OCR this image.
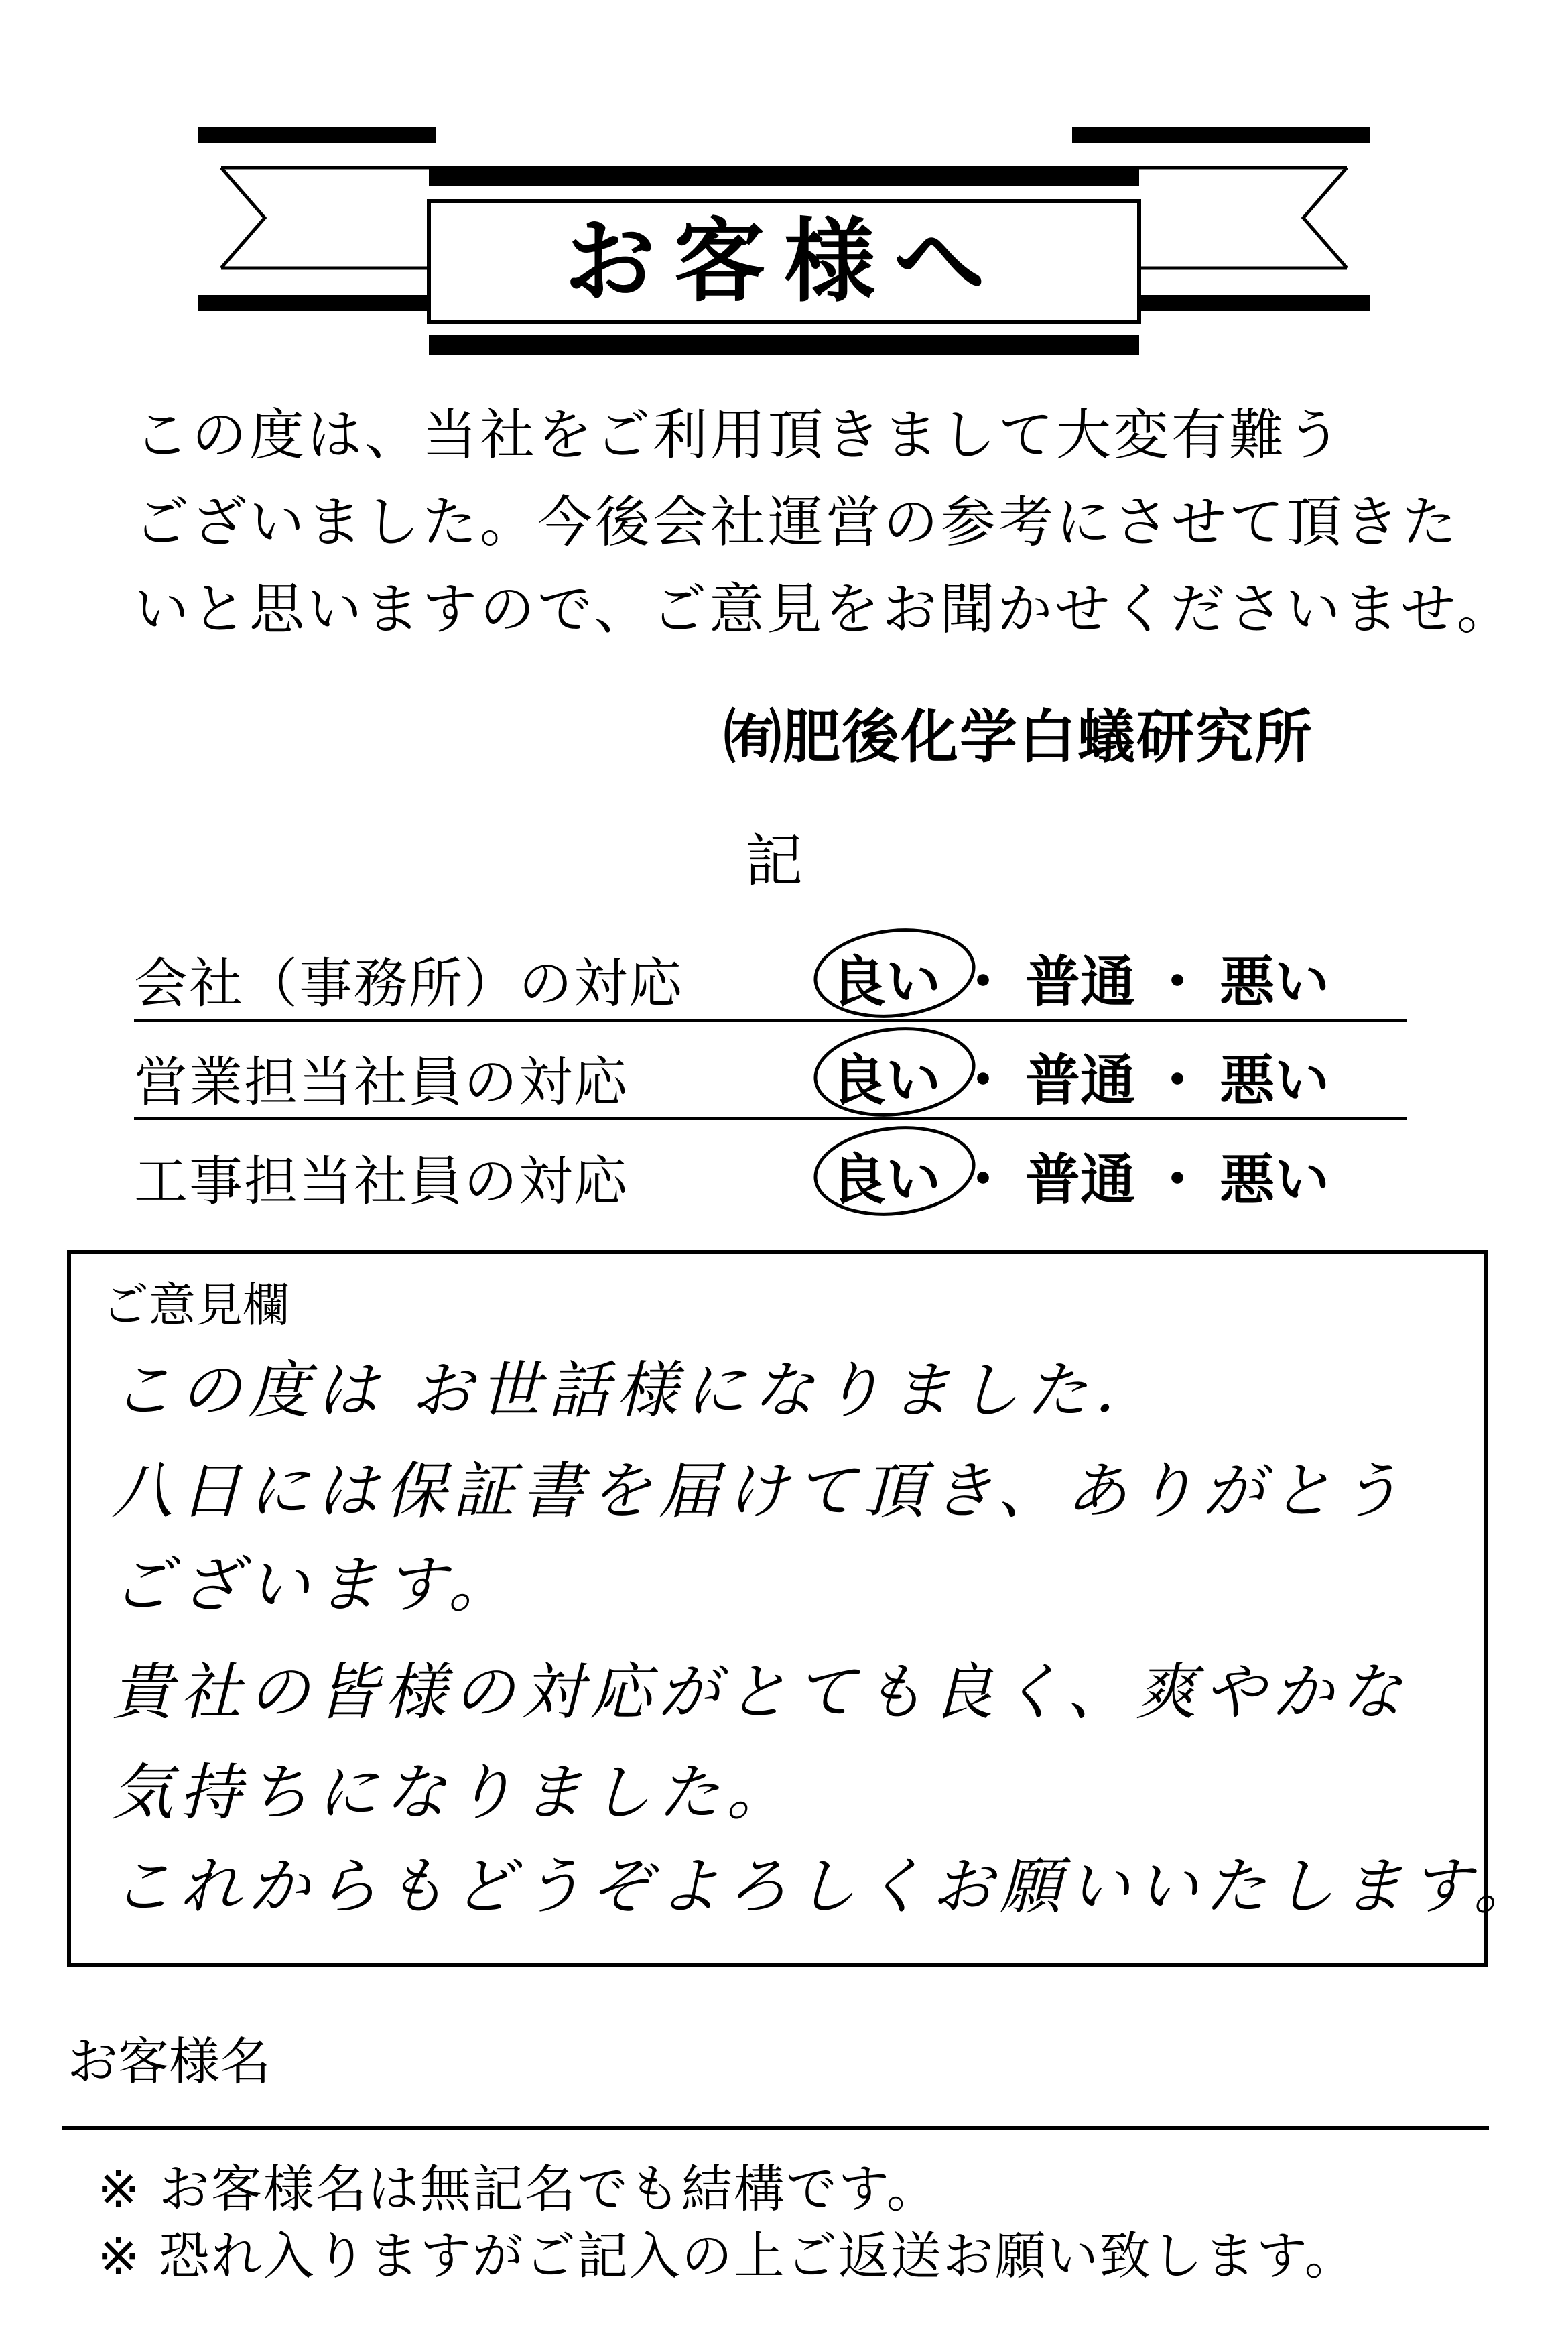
お客様へ
この度は、当社をご利用頂きまして大変有難う
ございました。今後会社運営の参考にさせて頂きた
いと思いますので、ご意見をお聞かせくださいませ。
㈲肥後化学白蟻研究所
記
会社（事務所）の対応	良い ・ 普通 ・ 悪い
営業担当社員の対応	良い ・ 普通 ・ 悪い
工事担当社員の対応	良い ・ 普通 ・ 悪い
ご意見欄
この度は お世話様になりました．
八日には保証書を届けて頂き、ありがとう
ございます。
貴社の皆様の対応がとても良く、爽やかな
気持ちになりました。
これからもどうぞよろしくお願いいたします。
お客様名
※ お客様名は無記名でも結構です。
※ 恐れ入りますがご記入の上ご返送お願い致します。
